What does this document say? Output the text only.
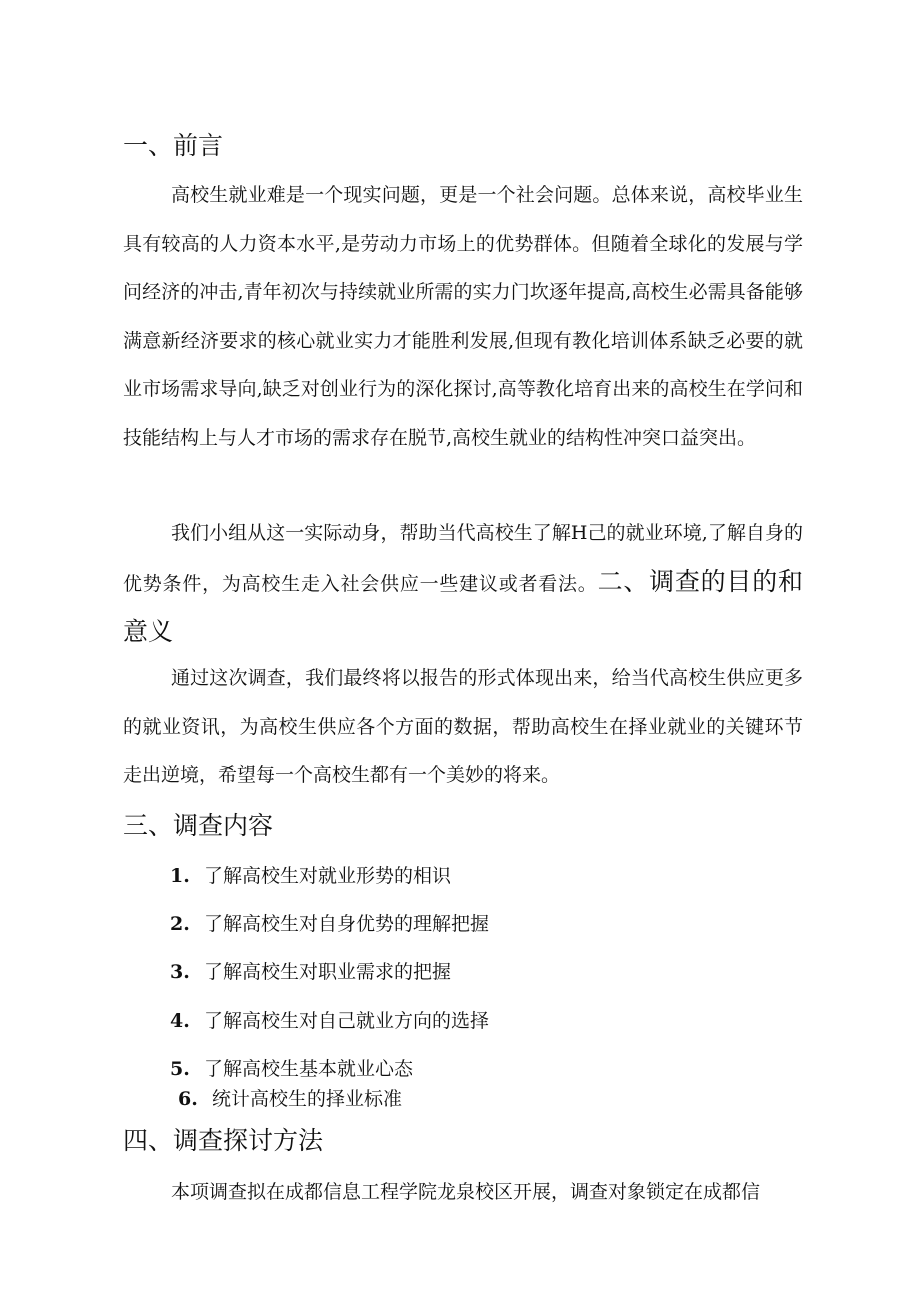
一、前言

高校生就业难是一个现实问题，更是一个社会问题。总体来说，高校毕业生具有较高的人力资本水平,是劳动力市场上的优势群体。但随着全球化的发展与学问经济的冲击,青年初次与持续就业所需的实力门坎逐年提高,高校生必需具备能够满意新经济要求的核心就业实力才能胜利发展,但现有教化培训体系缺乏必要的就业市场需求导向,缺乏对创业行为的深化探讨,高等教化培育出来的高校生在学问和技能结构上与人才市场的需求存在脱节,高校生就业的结构性冲突口益突出。

我们小组从这一实际动身，帮助当代高校生了解H己的就业环境,了解自身的优势条件，为高校生走入社会供应一些建议或者看法。二、调查的目的和意义

通过这次调查，我们最终将以报告的形式体现出来，给当代高校生供应更多的就业资讯，为高校生供应各个方面的数据，帮助高校生在择业就业的关键环节走出逆境，希望每一个高校生都有一个美妙的将来。

三、调查内容
1. 了解高校生对就业形势的相识
2. 了解高校生对自身优势的理解把握
3. 了解高校生对职业需求的把握
4. 了解高校生对自己就业方向的选择
5. 了解高校生基本就业心态
6. 统计高校生的择业标准
四、调查探讨方法

本项调查拟在成都信息工程学院龙泉校区开展，调查对象锁定在成都信
